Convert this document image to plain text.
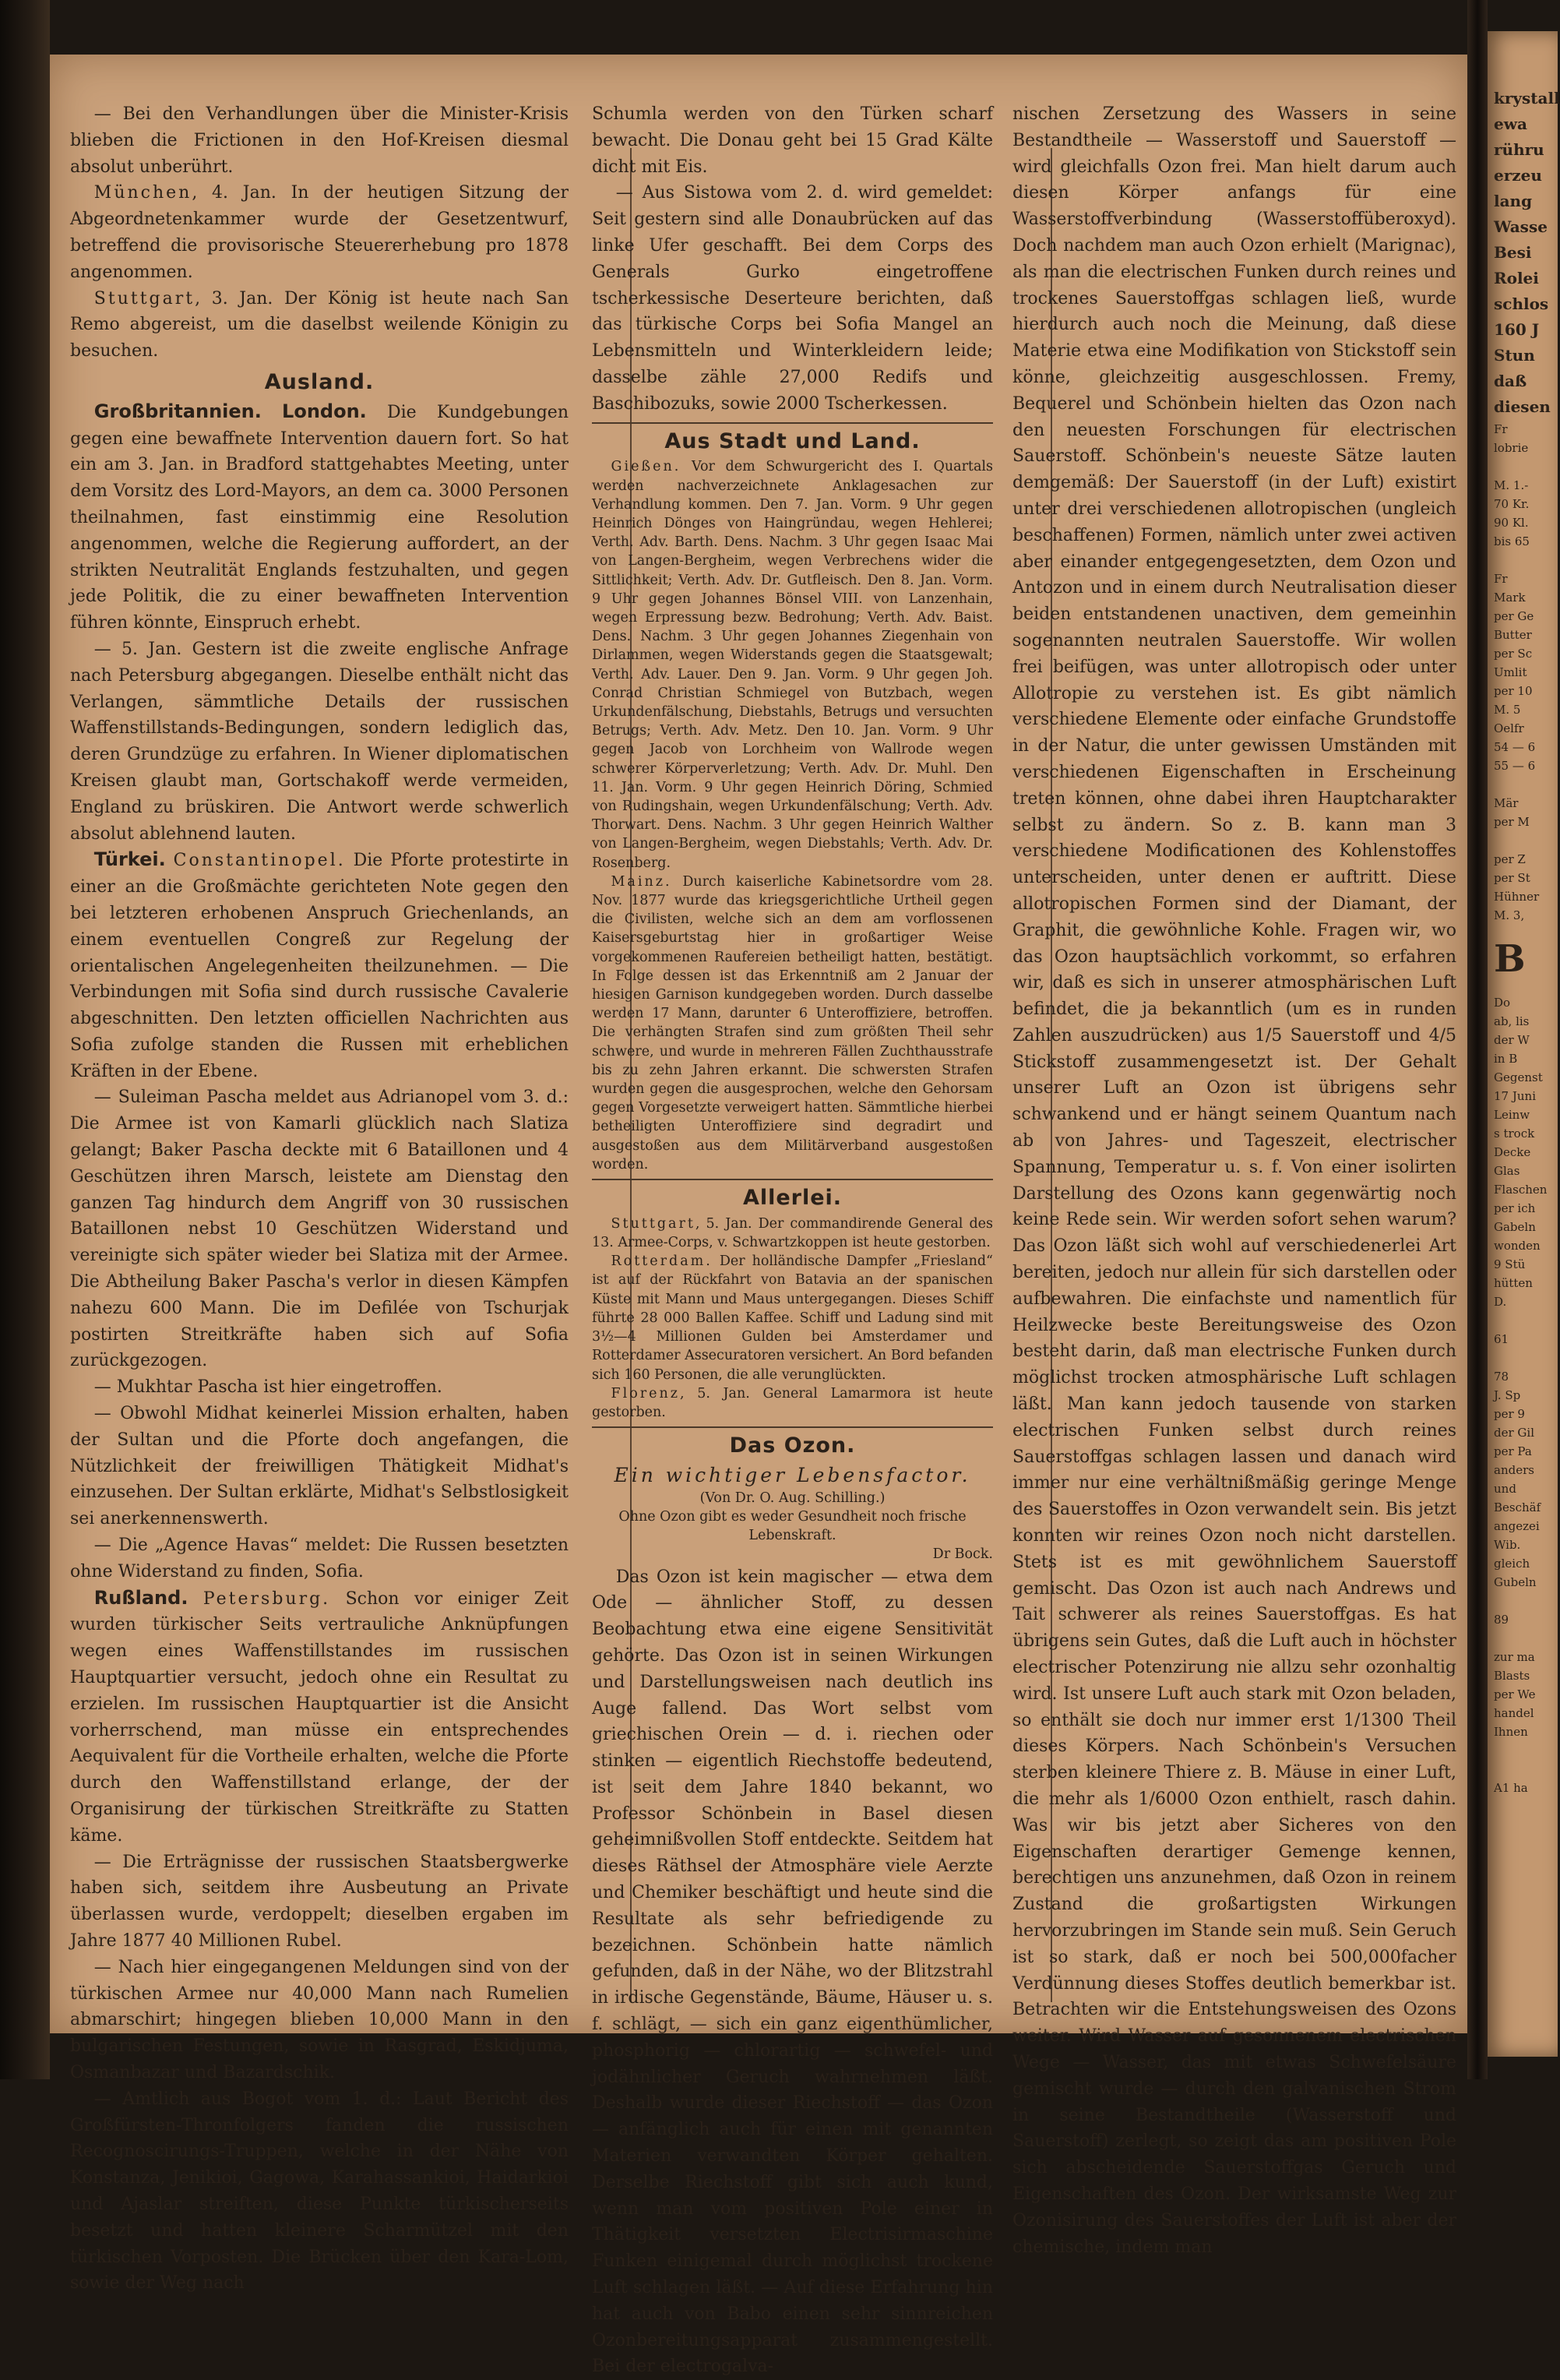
— Bei den Verhandlungen über die Minister-Krisis blieben die Frictionen in den Hof-Kreisen diesmal absolut unberührt.

München, 4. Jan. In der heutigen Sitzung der Abgeordnetenkammer wurde der Gesetzentwurf, betreffend die provisorische Steuererhebung pro 1878 angenommen.

Stuttgart, 3. Jan. Der König ist heute nach San Remo abgereist, um die daselbst weilende Königin zu besuchen.

Ausland.

Großbritannien. London. Die Kundgebungen gegen eine bewaffnete Intervention dauern fort. So hat ein am 3. Jan. in Bradford stattgehabtes Meeting, unter dem Vorsitz des Lord-Mayors, an dem ca. 3000 Personen theilnahmen, fast einstimmig eine Resolution angenommen, welche die Regierung auffordert, an der strikten Neutralität Englands festzuhalten, und gegen jede Politik, die zu einer bewaffneten Intervention führen könnte, Einspruch erhebt.

— 5. Jan. Gestern ist die zweite englische Anfrage nach Petersburg abgegangen. Dieselbe enthält nicht das Verlangen, sämmtliche Details der russischen Waffenstillstands-Bedingungen, sondern lediglich das, deren Grundzüge zu erfahren. In Wiener diplomatischen Kreisen glaubt man, Gortschakoff werde vermeiden, England zu brüskiren. Die Antwort werde schwerlich absolut ablehnend lauten.

Türkei. Constantinopel. Die Pforte protestirte in einer an die Großmächte gerichteten Note gegen den bei letzteren erhobenen Anspruch Griechenlands, an einem eventuellen Congreß zur Regelung der orientalischen Angelegenheiten theilzunehmen. — Die Verbindungen mit Sofia sind durch russische Cavalerie abgeschnitten. Den letzten officiellen Nachrichten aus Sofia zufolge standen die Russen mit erheblichen Kräften in der Ebene.

— Suleiman Pascha meldet aus Adrianopel vom 3. d.: Die Armee ist von Kamarli glücklich nach Slatiza gelangt; Baker Pascha deckte mit 6 Bataillonen und 4 Geschützen ihren Marsch, leistete am Dienstag den ganzen Tag hindurch dem Angriff von 30 russischen Bataillonen nebst 10 Geschützen Widerstand und vereinigte sich später wieder bei Slatiza mit der Armee. Die Abtheilung Baker Pascha's verlor in diesen Kämpfen nahezu 600 Mann. Die im Defilée von Tschurjak postirten Streitkräfte haben sich auf Sofia zurückgezogen.

— Mukhtar Pascha ist hier eingetroffen.

— Obwohl Midhat keinerlei Mission erhalten, haben der Sultan und die Pforte doch angefangen, die Nützlichkeit der freiwilligen Thätigkeit Midhat's einzusehen. Der Sultan erklärte, Midhat's Selbstlosigkeit sei anerkennenswerth.

— Die „Agence Havas“ meldet: Die Russen besetzten ohne Widerstand zu finden, Sofia.

Rußland. Petersburg. Schon vor einiger Zeit wurden türkischer Seits vertrauliche Anknüpfungen wegen eines Waffenstillstandes im russischen Hauptquartier versucht, jedoch ohne ein Resultat zu erzielen. Im russischen Hauptquartier ist die Ansicht vorherrschend, man müsse ein entsprechendes Aequivalent für die Vortheile erhalten, welche die Pforte durch den Waffenstillstand erlange, der der Organisirung der türkischen Streitkräfte zu Statten käme.

— Die Erträgnisse der russischen Staatsbergwerke haben sich, seitdem ihre Ausbeutung an Private überlassen wurde, verdoppelt; dieselben ergaben im Jahre 1877 40 Millionen Rubel.

— Nach hier eingegangenen Meldungen sind von der türkischen Armee nur 40,000 Mann nach Rumelien abmarschirt; hingegen blieben 10,000 Mann in den bulgarischen Festungen, sowie in Rasgrad, Eskidjuma, Osmanbazar und Bazardschik.

— Amtlich aus Bogot vom 1. d.: Laut Bericht des Großfürsten-Thronfolgers fanden die russischen Recognoscirungs-Truppen, welche in der Nähe von Konstanza, Jenikioi, Gagowa, Karahassankioi, Haidarkioi und Ajaslar streiften, diese Punkte türkischerseits besetzt und hatten kleinere Scharmützel mit den türkischen Vorposten. Die Brücken über den Kara-Lom, sowie der Weg nach

Schumla werden von den Türken scharf bewacht. Die Donau geht bei 15 Grad Kälte dicht mit Eis.

— Aus Sistowa vom 2. d. wird gemeldet: Seit gestern sind alle Donaubrücken auf das linke Ufer geschafft. Bei dem Corps des Generals Gurko eingetroffene tscherkessische Deserteure berichten, daß das türkische Corps bei Sofia Mangel an Lebensmitteln und Winterkleidern leide; dasselbe zähle 27,000 Redifs und Baschibozuks, sowie 2000 Tscherkessen.

Aus Stadt und Land.

Gießen. Vor dem Schwurgericht des I. Quartals werden nachverzeichnete Anklagesachen zur Verhandlung kommen. Den 7. Jan. Vorm. 9 Uhr gegen Heinrich Dönges von Haingründau, wegen Hehlerei; Verth. Adv. Barth. Dens. Nachm. 3 Uhr gegen Isaac Mai von Langen-Bergheim, wegen Verbrechens wider die Sittlichkeit; Verth. Adv. Dr. Gutfleisch. Den 8. Jan. Vorm. 9 Uhr gegen Johannes Bönsel VIII. von Lanzenhain, wegen Erpressung bezw. Bedrohung; Verth. Adv. Baist. Dens. Nachm. 3 Uhr gegen Johannes Ziegenhain von Dirlammen, wegen Widerstands gegen die Staatsgewalt; Verth. Adv. Lauer. Den 9. Jan. Vorm. 9 Uhr gegen Joh. Conrad Christian Schmiegel von Butzbach, wegen Urkundenfälschung, Diebstahls, Betrugs und versuchten Betrugs; Verth. Adv. Metz. Den 10. Jan. Vorm. 9 Uhr gegen Jacob von Lorchheim von Wallrode wegen schwerer Körperverletzung; Verth. Adv. Dr. Muhl. Den 11. Jan. Vorm. 9 Uhr gegen Heinrich Döring, Schmied von Rudingshain, wegen Urkundenfälschung; Verth. Adv. Thorwart. Dens. Nachm. 3 Uhr gegen Heinrich Walther von Langen-Bergheim, wegen Diebstahls; Verth. Adv. Dr. Rosenberg.

Mainz. Durch kaiserliche Kabinetsordre vom 28. Nov. 1877 wurde das kriegsgerichtliche Urtheil gegen die Civilisten, welche sich an dem am vorflossenen Kaisersgeburtstag hier in großartiger Weise vorgekommenen Raufereien betheiligt hatten, bestätigt. In Folge dessen ist das Erkenntniß am 2 Januar der hiesigen Garnison kundgegeben worden. Durch dasselbe werden 17 Mann, darunter 6 Unteroffiziere, betroffen. Die verhängten Strafen sind zum größten Theil sehr schwere, und wurde in mehreren Fällen Zuchthausstrafe bis zu zehn Jahren erkannt. Die schwersten Strafen wurden gegen die ausgesprochen, welche den Gehorsam gegen Vorgesetzte verweigert hatten. Sämmtliche hierbei betheiligten Unteroffiziere sind degradirt und ausgestoßen aus dem Militärverband ausgestoßen worden.

Allerlei.

Stuttgart, 5. Jan. Der commandirende General des 13. Armee-Corps, v. Schwartzkoppen ist heute gestorben.

Rotterdam. Der holländische Dampfer „Friesland“ ist auf der Rückfahrt von Batavia an der spanischen Küste mit Mann und Maus untergegangen. Dieses Schiff führte 28 000 Ballen Kaffee. Schiff und Ladung sind mit 3½—4 Millionen Gulden bei Amsterdamer und Rotterdamer Assecuratoren versichert. An Bord befanden sich 160 Personen, die alle verunglückten.

Florenz, 5. Jan. General Lamarmora ist heute gestorben.

Das Ozon.
Ein wichtiger Lebensfactor.
(Von Dr. O. Aug. Schilling.)
Ohne Ozon gibt es weder Gesundheit noch frische Lebenskraft.
Dr Bock.

Das Ozon ist kein magischer — etwa dem Ode — ähnlicher Stoff, zu dessen Beobachtung etwa eine eigene Sensitivität gehörte. Das Ozon ist in seinen Wirkungen und Darstellungsweisen nach deutlich ins Auge fallend. Das Wort selbst vom griechischen Orein — d. i. riechen oder stinken — eigentlich Riechstoffe bedeutend, ist seit dem Jahre 1840 bekannt, wo Professor Schönbein in Basel diesen geheimnißvollen Stoff entdeckte. Seitdem hat dieses Räthsel der Atmosphäre viele Aerzte und Chemiker beschäftigt und heute sind die Resultate als sehr befriedigende zu bezeichnen. Schönbein hatte nämlich gefunden, daß in der Nähe, wo der Blitzstrahl in irdische Gegenstände, Bäume, Häuser u. s. f. schlägt, — sich ein ganz eigenthümlicher, phosphorig — chlorartig — schwefel- und jodähnlicher Geruch wahrnehmen läßt. Deshalb wurde dieser Riechstoff — das Ozon — anfänglich auch für einen mit genannten Materien verwandten Körper gehalten. Derselbe Riechstoff gibt sich auch kund, wenn man vom positiven Pole einer in Thätigkeit versetzten Electrisirmaschine Funken einigemal durch möglichst trockene Luft schlagen läßt. — Auf diese Erfahrung hin hat auch von Babo einen sehr sinnreichen Ozonbereitungsapparat zusammengestellt. Bei der electrogalva-

nischen Zersetzung des Wassers in seine Bestandtheile — Wasserstoff und Sauerstoff — wird gleichfalls Ozon frei. Man hielt darum auch diesen Körper anfangs für eine Wasserstoffverbindung (Wasserstoffüberoxyd). Doch nachdem man auch Ozon erhielt (Marignac), als man die electrischen Funken durch reines und trockenes Sauerstoffgas schlagen ließ, wurde hierdurch auch noch die Meinung, daß diese Materie etwa eine Modifikation von Stickstoff sein könne, gleichzeitig ausgeschlossen. Fremy, Bequerel und Schönbein hielten das Ozon nach den neuesten Forschungen für electrischen Sauerstoff. Schönbein's neueste Sätze lauten demgemäß: Der Sauerstoff (in der Luft) existirt unter drei verschiedenen allotropischen (ungleich beschaffenen) Formen, nämlich unter zwei activen aber einander entgegengesetzten, dem Ozon und Antozon und in einem durch Neutralisation dieser beiden entstandenen unactiven, dem gemeinhin sogenannten neutralen Sauerstoffe. Wir wollen frei beifügen, was unter allotropisch oder unter Allotropie zu verstehen ist. Es gibt nämlich verschiedene Elemente oder einfache Grundstoffe in der Natur, die unter gewissen Umständen mit verschiedenen Eigenschaften in Erscheinung treten können, ohne dabei ihren Hauptcharakter selbst zu ändern. So z. B. kann man 3 verschiedene Modificationen des Kohlenstoffes unterscheiden, unter denen er auftritt. Diese allotropischen Formen sind der Diamant, der Graphit, die gewöhnliche Kohle. Fragen wir, wo das Ozon hauptsächlich vorkommt, so erfahren wir, daß es sich in unserer atmosphärischen Luft befindet, die ja bekanntlich (um es in runden Zahlen auszudrücken) aus 1/5 Sauerstoff und 4/5 Stickstoff zusammengesetzt ist. Der Gehalt unserer Luft an Ozon ist übrigens sehr schwankend und er hängt seinem Quantum nach ab von Jahres- und Tageszeit, electrischer Spannung, Temperatur u. s. f. Von einer isolirten Darstellung des Ozons kann gegenwärtig noch keine Rede sein. Wir werden sofort sehen warum? Das Ozon läßt sich wohl auf verschiedenerlei Art bereiten, jedoch nur allein für sich darstellen oder aufbewahren. Die einfachste und namentlich für Heilzwecke beste Bereitungsweise des Ozon besteht darin, daß man electrische Funken durch möglichst trocken atmosphärische Luft schlagen läßt. Man kann jedoch tausende von starken electrischen Funken selbst durch reines Sauerstoffgas schlagen lassen und danach wird immer nur eine verhältnißmäßig geringe Menge des Sauerstoffes in Ozon verwandelt sein. Bis jetzt konnten wir reines Ozon noch nicht darstellen. Stets ist es mit gewöhnlichem Sauerstoff gemischt. Das Ozon ist auch nach Andrews und Tait schwerer als reines Sauerstoffgas. Es hat übrigens sein Gutes, daß die Luft auch in höchster electrischer Potenzirung nie allzu sehr ozonhaltig wird. Ist unsere Luft auch stark mit Ozon beladen, so enthält sie doch nur immer erst 1/1300 Theil dieses Körpers. Nach Schönbein's Versuchen sterben kleinere Thiere z. B. Mäuse in einer Luft, die mehr als 1/6000 Ozon enthielt, rasch dahin. Was wir bis jetzt aber Sicheres von den Eigenschaften derartiger Gemenge kennen, berechtigen uns anzunehmen, daß Ozon in reinem Zustand die großartigsten Wirkungen hervorzubringen im Stande sein muß. Sein Geruch ist so stark, daß er noch bei 500,000facher Verdünnung dieses Stoffes deutlich bemerkbar ist. Betrachten wir die Entstehungsweisen des Ozons weiter. Wird Wasser auf gesonnenem electrischen Wege — Wasser, das mit etwas Schwefelsäure gemischt wurde — durch den galvanischen Strom in seine Bestandtheile (Wasserstoff und Sauerstoff) zerlegt, so zeigt das am positiven Pole sich abscheidende Sauerstoffgas Geruch und Eigenschaften des Ozon. Der wirksamste Weg zur Ozonisirung des Sauerstoffes der Luft ist aber der chemische, indem man

krystall
ewa
rühru
erzeu
lang
Wasse
Besi
Rolei
schlos
160 J
Stun
daß
diesen
Fr
lobrie

M. 1.-
70 Kr.
90 Kl.
bis 65

Fr
Mark
per Ge
Butter
per Sc
Umlit
per 10
M. 5
Oelfr
54 — 6
55 — 6

Mär
per M

per Z
per St
Hühner
M. 3,
B
Do
ab, lis
der W
in B
Gegenst
17 Juni
Leinw
s trock
Decke
Glas
Flaschen
per ich
Gabeln
wonden
9 Stü
hütten
D.

61

78
J. Sp
per 9
der Gil
per Pa
anders
und
Beschäf
angezei
Wib.
gleich
Gubeln

89

zur ma
Blasts
per We
handel
Ihnen

A1 ha
